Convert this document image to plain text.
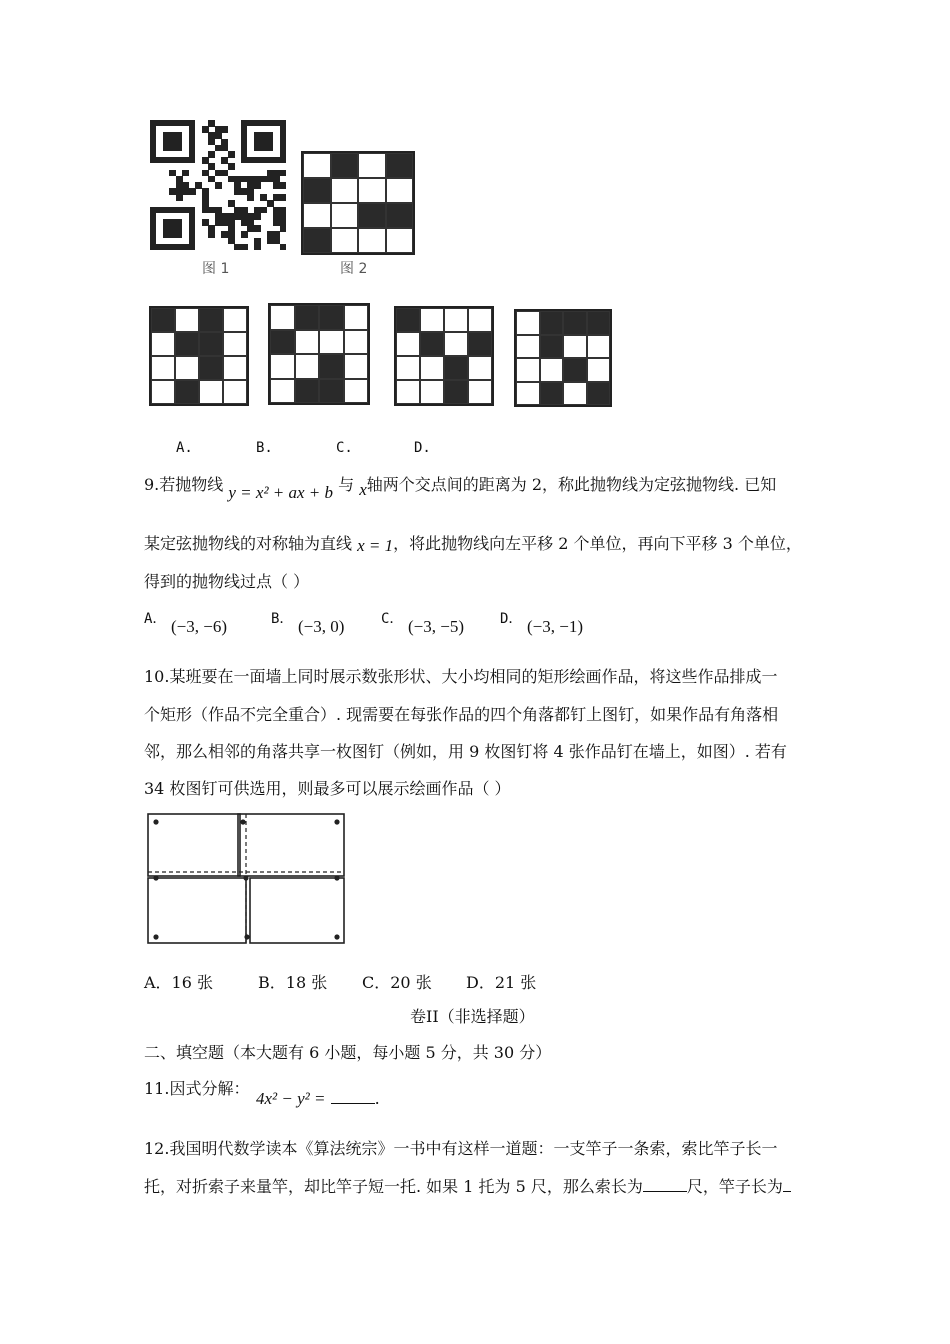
图 1	图 2
A.	B.	C.	D.
9.若抛物线 y = x² + ax + b 与 x轴两个交点间的距离为 2，称此抛物线为定弦抛物线. 已知
某定弦抛物线的对称轴为直线 x = 1，将此抛物线向左平移 2 个单位，再向下平移 3 个单位，
得到的抛物线过点（ ）
A． (−3, −6)	B． (−3, 0)	C． (−3, −5)	D． (−3, −1)
10.某班要在一面墙上同时展示数张形状、大小均相同的矩形绘画作品，将这些作品排成一
个矩形（作品不完全重合）. 现需要在每张作品的四个角落都钉上图钉，如果作品有角落相
邻，那么相邻的角落共享一枚图钉（例如，用 9 枚图钉将 4 张作品钉在墙上，如图）. 若有
34 枚图钉可供选用，则最多可以展示绘画作品（ ）
A．16 张	B．18 张 C．20 张 D．21 张
卷II（非选择题）
二、填空题（本大题有 6 小题，每小题 5 分，共 30 分）
11.因式分解：
4x² − y² =	.
12.我国明代数学读本《算法统宗》一书中有这样一道题：一支竿子一条索，索比竿子长一
托，对折索子来量竿，却比竿子短一托. 如果 1 托为 5 尺，那么索长为	尺，竿子长为
